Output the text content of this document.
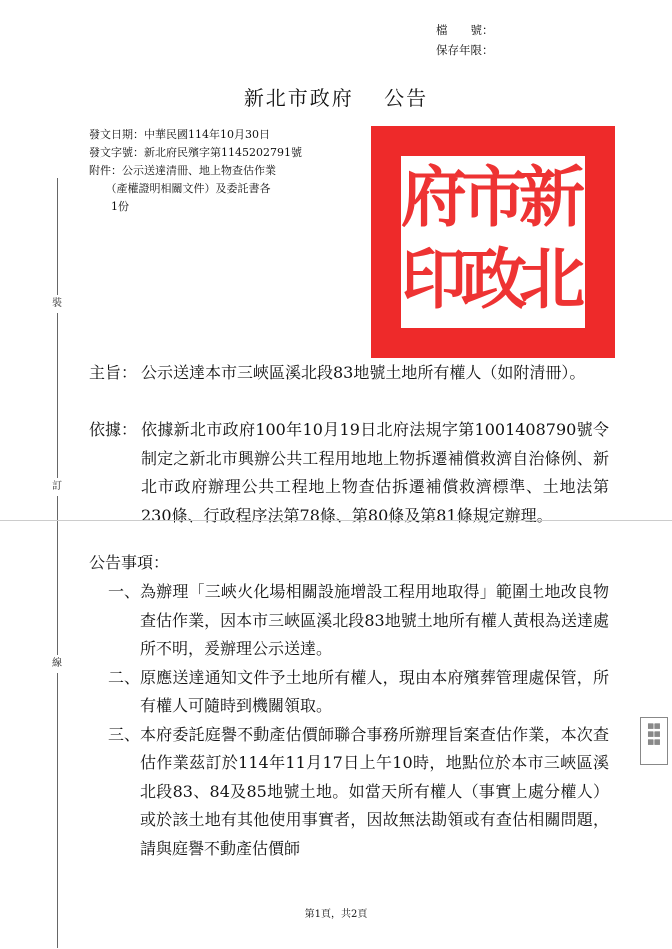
檔　　號：
保存年限：
新北市政府　 公告
發文日期：中華民國114年10月30日
發文字號：新北府民殯字第1145202791號
附件：公示送達清冊、地上物查估作業
　　（產權證明相關文件）及委託書各
　　1份
裝
訂
線
新
北
市
政
府
印
主旨： 公示送達本市三峽區溪北段83地號土地所有權人（如附清冊）。
依據： 依據新北市政府100年10月19日北府法規字第1001408790號令制定之新北市興辦公共工程用地地上物拆遷補償救濟自治條例、新北市政府辦理公共工程地上物查估拆遷補償救濟標準、土地法第230條、行政程序法第78條、第80條及第81條規定辦理。
公告事項：
一、 為辦理「三峽火化場相關設施增設工程用地取得」範圍土地改良物查估作業，因本市三峽區溪北段83地號土地所有權人黃根為送達處所不明，爰辦理公示送達。
二、 原應送達通知文件予土地所有權人，現由本府殯葬管理處保管，所有權人可隨時到機關領取。
三、 本府委託庭譽不動產估價師聯合事務所辦理旨案查估作業，本次查估作業茲訂於114年11月17日上午10時，地點位於本市三峽區溪北段83、84及85地號土地。如當天所有權人（事實上處分權人）或於該土地有其他使用事實者，因故無法勘領或有查估相關問題，請與庭譽不動產估價師
▦▦
▦▦
▦▦
第1頁，共2頁
